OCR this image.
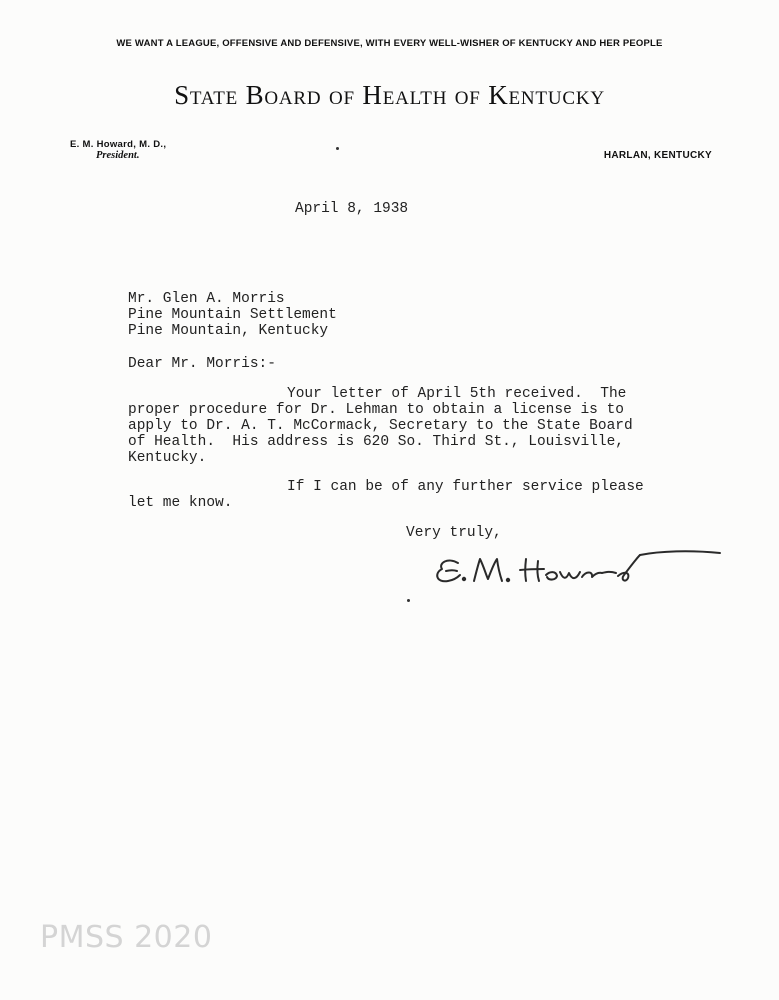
WE WANT A LEAGUE, OFFENSIVE AND DEFENSIVE, WITH EVERY WELL-WISHER OF KENTUCKY AND HER PEOPLE
State Board of Health of Kentucky
E. M. Howard, M. D.,
President.	HARLAN, KENTUCKY
April 8, 1938
Mr. Glen A. Morris
Pine Mountain Settlement
Pine Mountain, Kentucky
Dear Mr. Morris:-
Your letter of April 5th received.  The
proper procedure for Dr. Lehman to obtain a license is to
apply to Dr. A. T. McCormack, Secretary to the State Board
of Health.  His address is 620 So. Third St., Louisville,
Kentucky.
If I can be of any further service please
let me know.
Very truly,
PMSS 2020
